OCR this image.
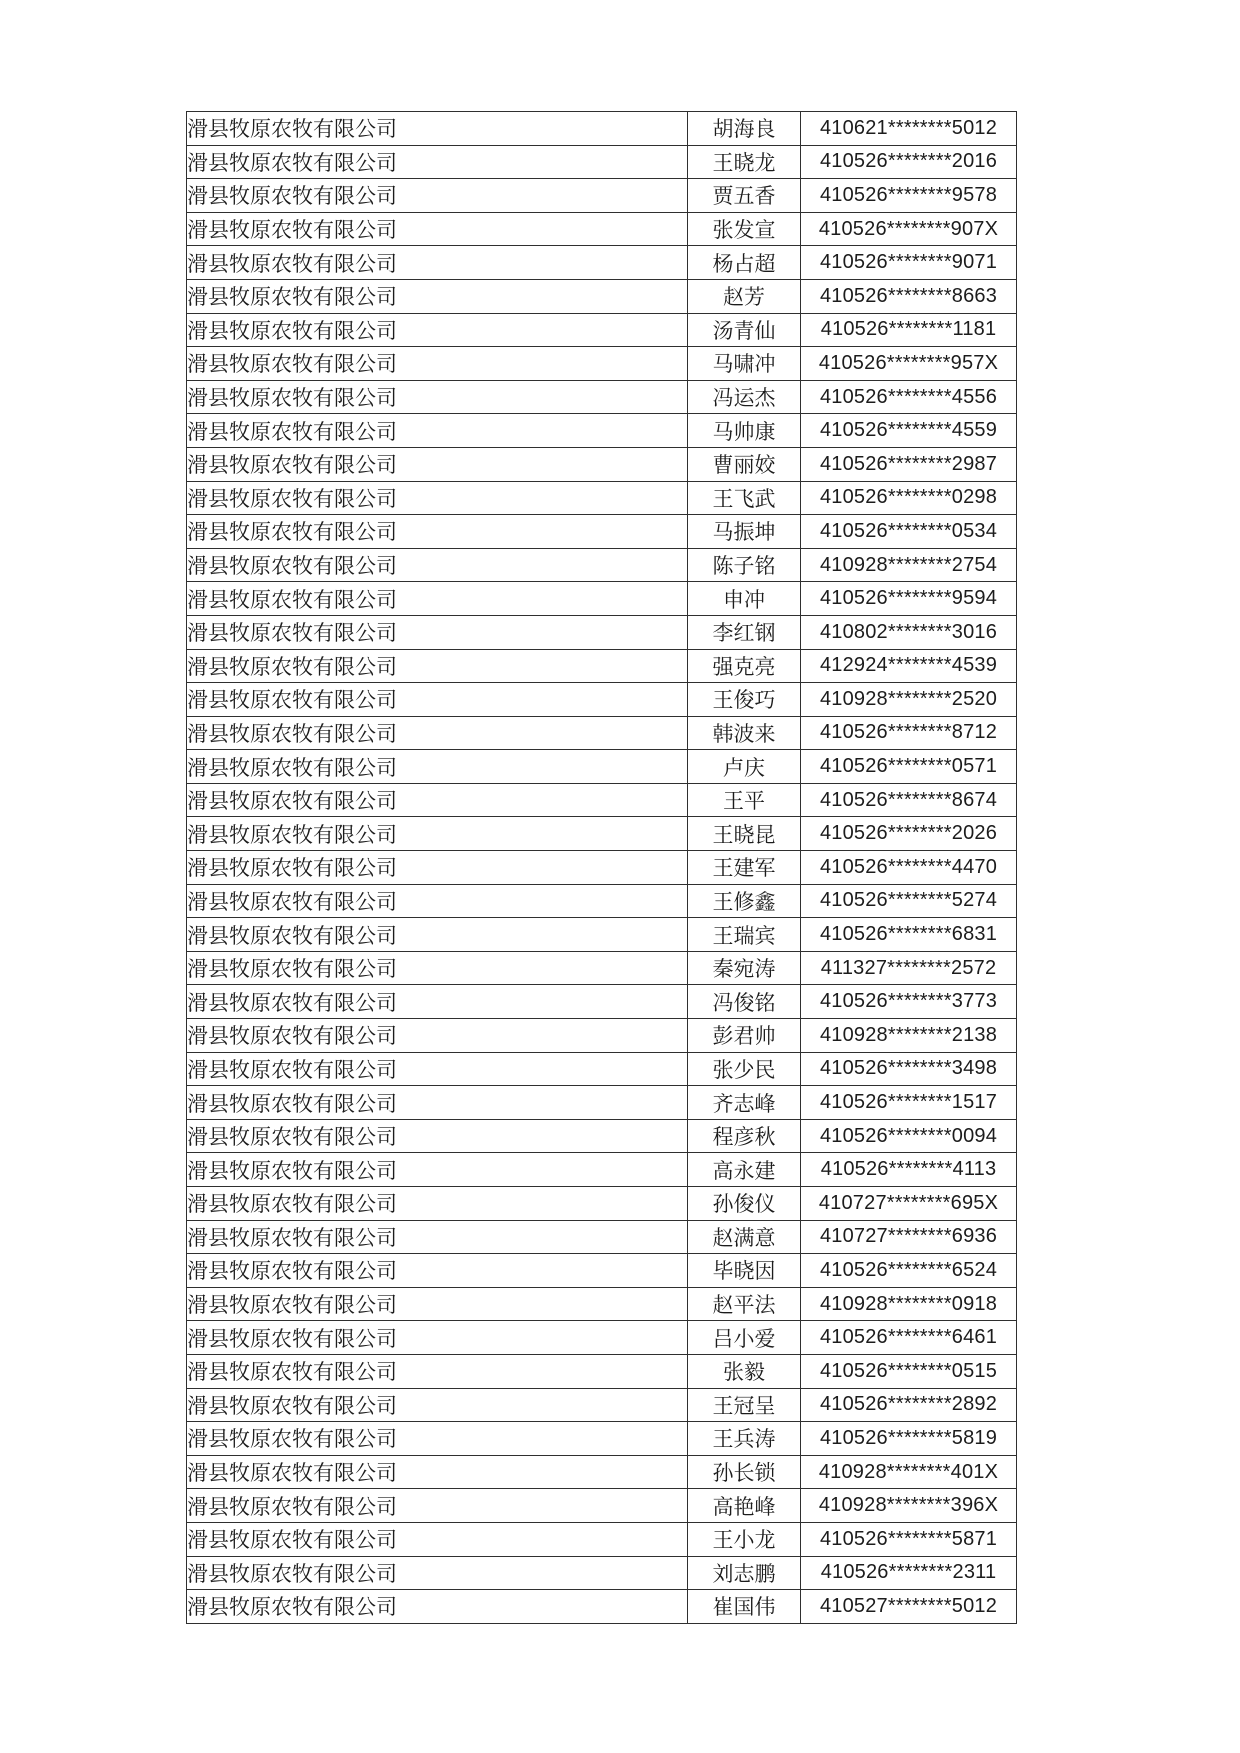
滑县牧原农牧有限公司	胡海良	410621********5012
滑县牧原农牧有限公司	王晓龙	410526********2016
滑县牧原农牧有限公司	贾五香	410526********9578
滑县牧原农牧有限公司	张发宣	410526********907X
滑县牧原农牧有限公司	杨占超	410526********9071
滑县牧原农牧有限公司	赵芳	410526********8663
滑县牧原农牧有限公司	汤青仙	410526********1181
滑县牧原农牧有限公司	马啸冲	410526********957X
滑县牧原农牧有限公司	冯运杰	410526********4556
滑县牧原农牧有限公司	马帅康	410526********4559
滑县牧原农牧有限公司	曹丽姣	410526********2987
滑县牧原农牧有限公司	王飞武	410526********0298
滑县牧原农牧有限公司	马振坤	410526********0534
滑县牧原农牧有限公司	陈子铭	410928********2754
滑县牧原农牧有限公司	申冲	410526********9594
滑县牧原农牧有限公司	李红钢	410802********3016
滑县牧原农牧有限公司	强克亮	412924********4539
滑县牧原农牧有限公司	王俊巧	410928********2520
滑县牧原农牧有限公司	韩波来	410526********8712
滑县牧原农牧有限公司	卢庆	410526********0571
滑县牧原农牧有限公司	王平	410526********8674
滑县牧原农牧有限公司	王晓昆	410526********2026
滑县牧原农牧有限公司	王建军	410526********4470
滑县牧原农牧有限公司	王修鑫	410526********5274
滑县牧原农牧有限公司	王瑞宾	410526********6831
滑县牧原农牧有限公司	秦宛涛	411327********2572
滑县牧原农牧有限公司	冯俊铭	410526********3773
滑县牧原农牧有限公司	彭君帅	410928********2138
滑县牧原农牧有限公司	张少民	410526********3498
滑县牧原农牧有限公司	齐志峰	410526********1517
滑县牧原农牧有限公司	程彦秋	410526********0094
滑县牧原农牧有限公司	高永建	410526********4113
滑县牧原农牧有限公司	孙俊仪	410727********695X
滑县牧原农牧有限公司	赵满意	410727********6936
滑县牧原农牧有限公司	毕晓因	410526********6524
滑县牧原农牧有限公司	赵平法	410928********0918
滑县牧原农牧有限公司	吕小爱	410526********6461
滑县牧原农牧有限公司	张毅	410526********0515
滑县牧原农牧有限公司	王冠呈	410526********2892
滑县牧原农牧有限公司	王兵涛	410526********5819
滑县牧原农牧有限公司	孙长锁	410928********401X
滑县牧原农牧有限公司	高艳峰	410928********396X
滑县牧原农牧有限公司	王小龙	410526********5871
滑县牧原农牧有限公司	刘志鹏	410526********2311
滑县牧原农牧有限公司	崔国伟	410527********5012
